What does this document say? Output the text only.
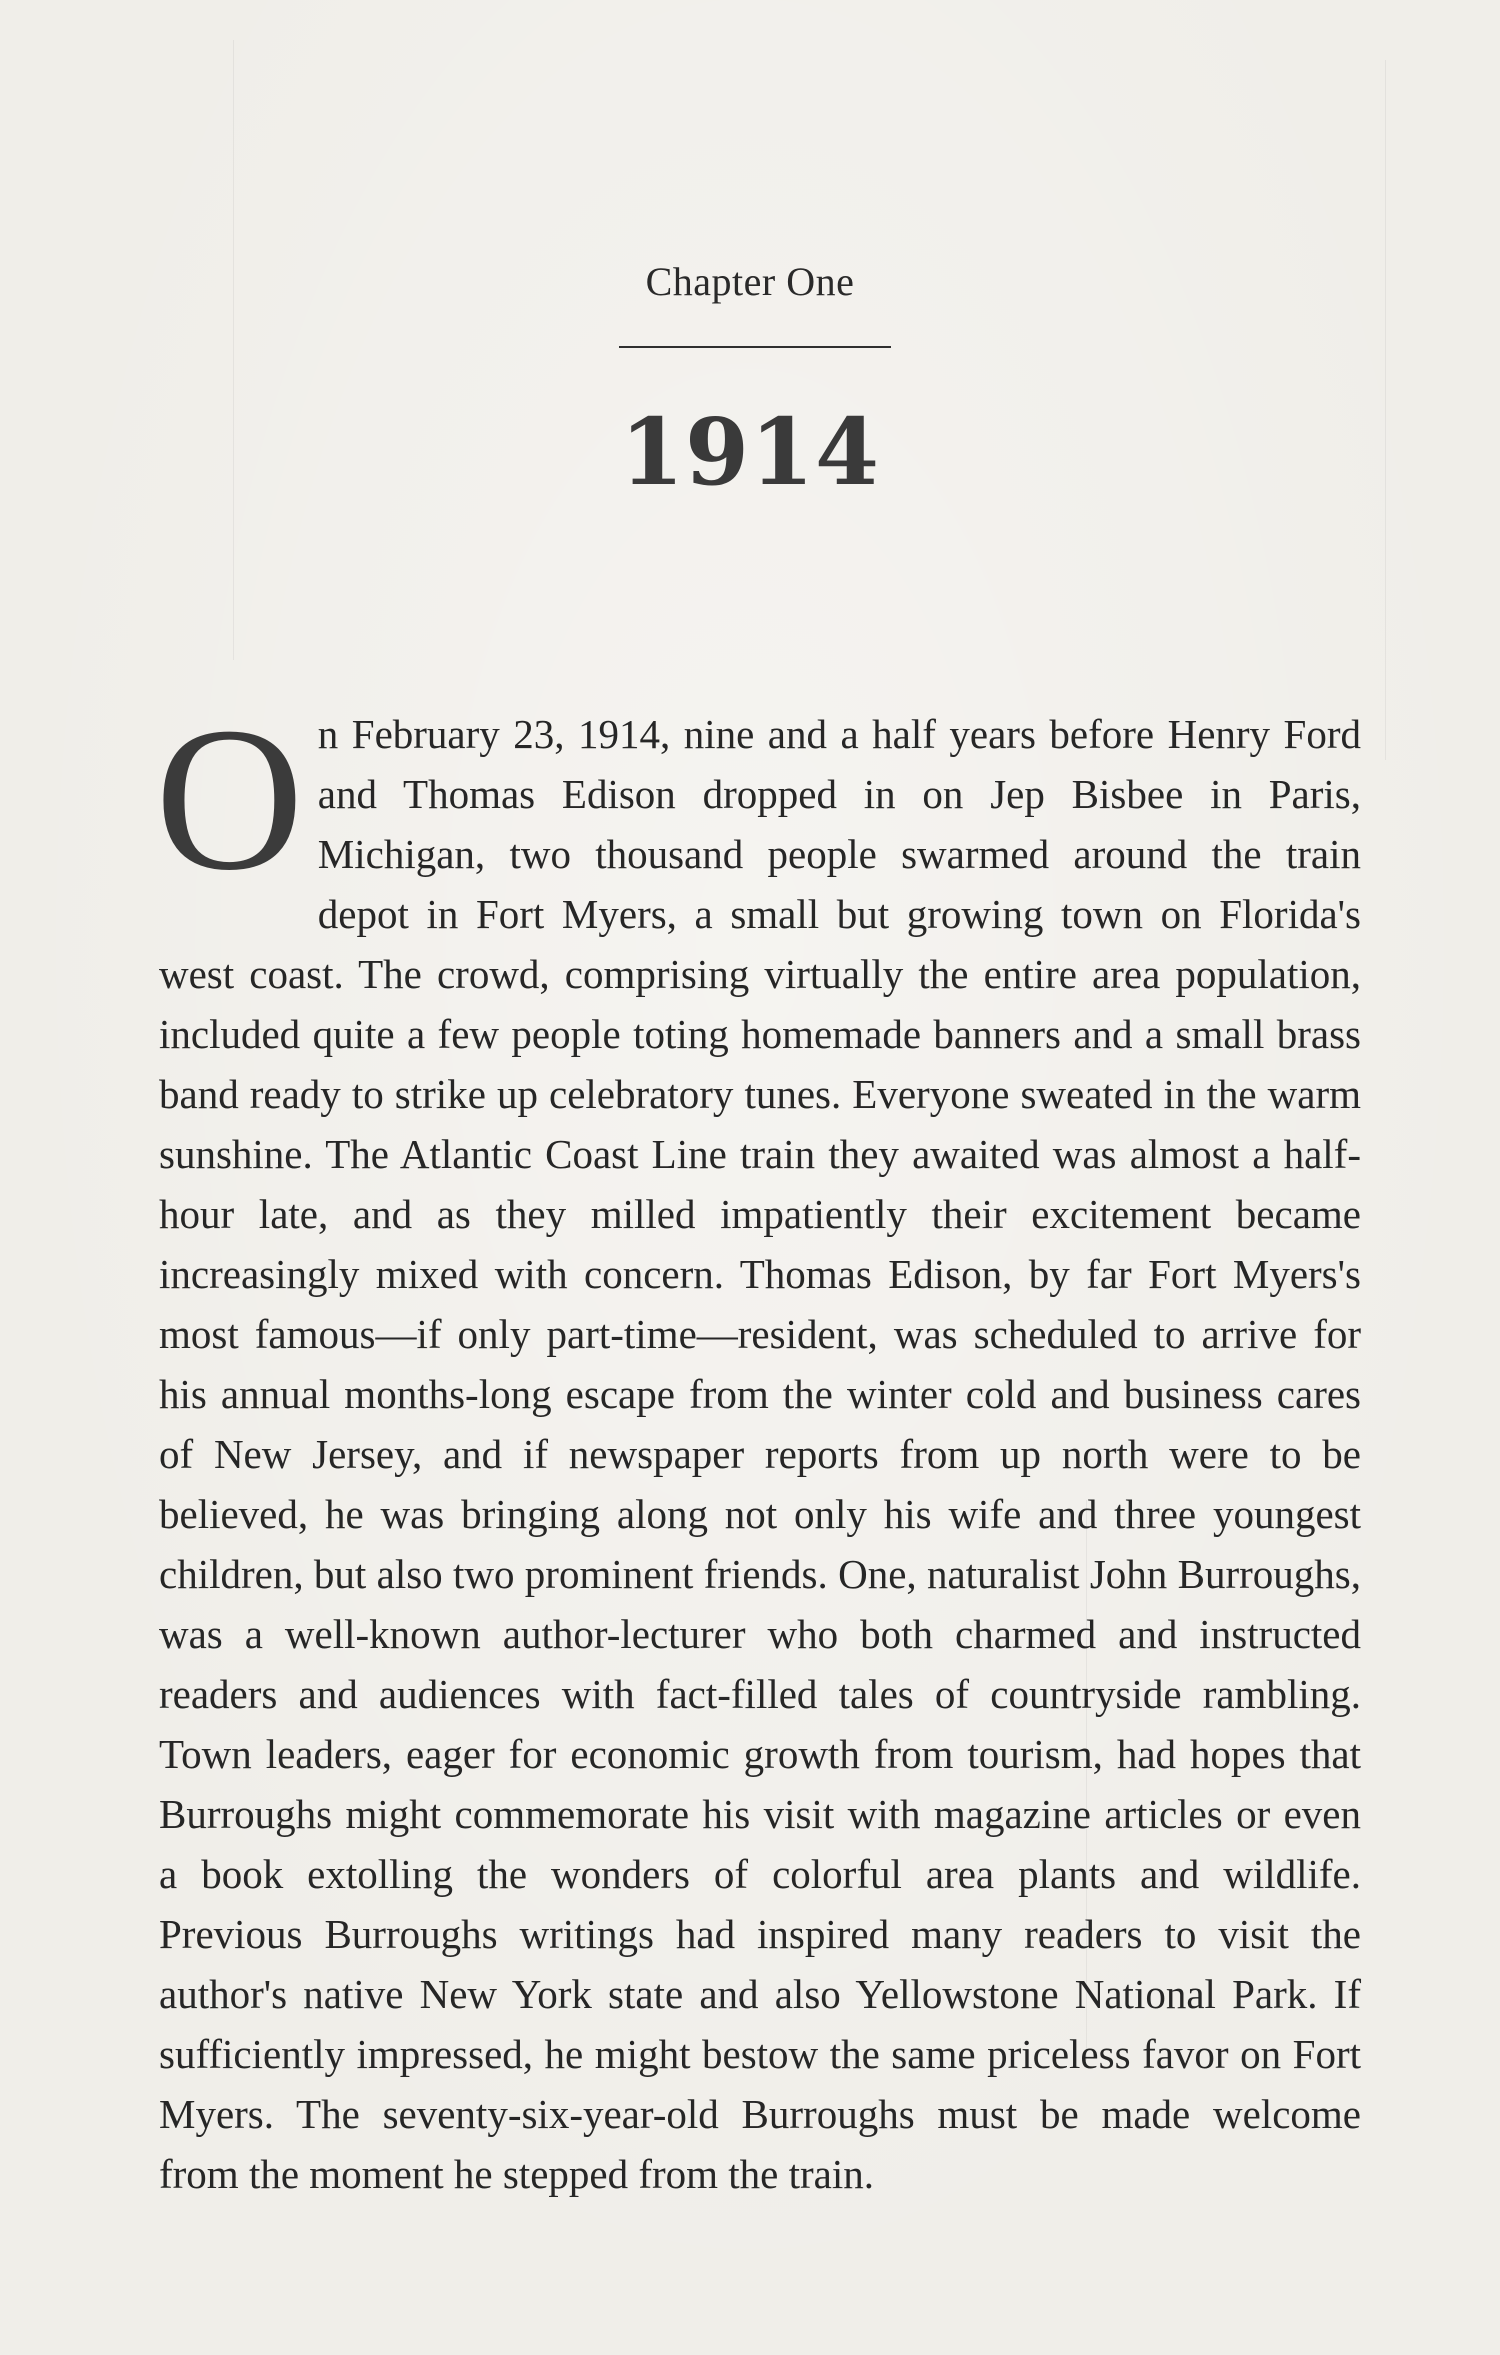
Chapter One
1914
On February 23, 1914, nine and a half years before Henry Ford and Thomas Edison dropped in on Jep Bisbee in Paris, Michigan, two thousand people swarmed around the train depot in Fort Myers, a small but growing town on Florida's west coast. The crowd, comprising virtually the entire area population, included quite a few people toting homemade banners and a small brass band ready to strike up celebratory tunes. Everyone sweated in the warm sunshine. The Atlantic Coast Line train they awaited was almost a half-hour late, and as they milled impatiently their excitement became increasingly mixed with concern. Thomas Edison, by far Fort Myers's most famous—if only part-time—resident, was scheduled to arrive for his annual months-long escape from the winter cold and business cares of New Jersey, and if newspaper reports from up north were to be believed, he was bringing along not only his wife and three youngest children, but also two prominent friends. One, naturalist John Burroughs, was a well-known author-lecturer who both charmed and instructed readers and audiences with fact-filled tales of countryside rambling. Town leaders, eager for economic growth from tourism, had hopes that Burroughs might commemorate his visit with magazine articles or even a book extolling the wonders of colorful area plants and wildlife. Previous Burroughs writings had inspired many readers to visit the author's native New York state and also Yellowstone National Park. If sufficiently impressed, he might bestow the same priceless favor on Fort Myers. The seventy-six-year-old Burroughs must be made welcome from the moment he stepped from the train.
